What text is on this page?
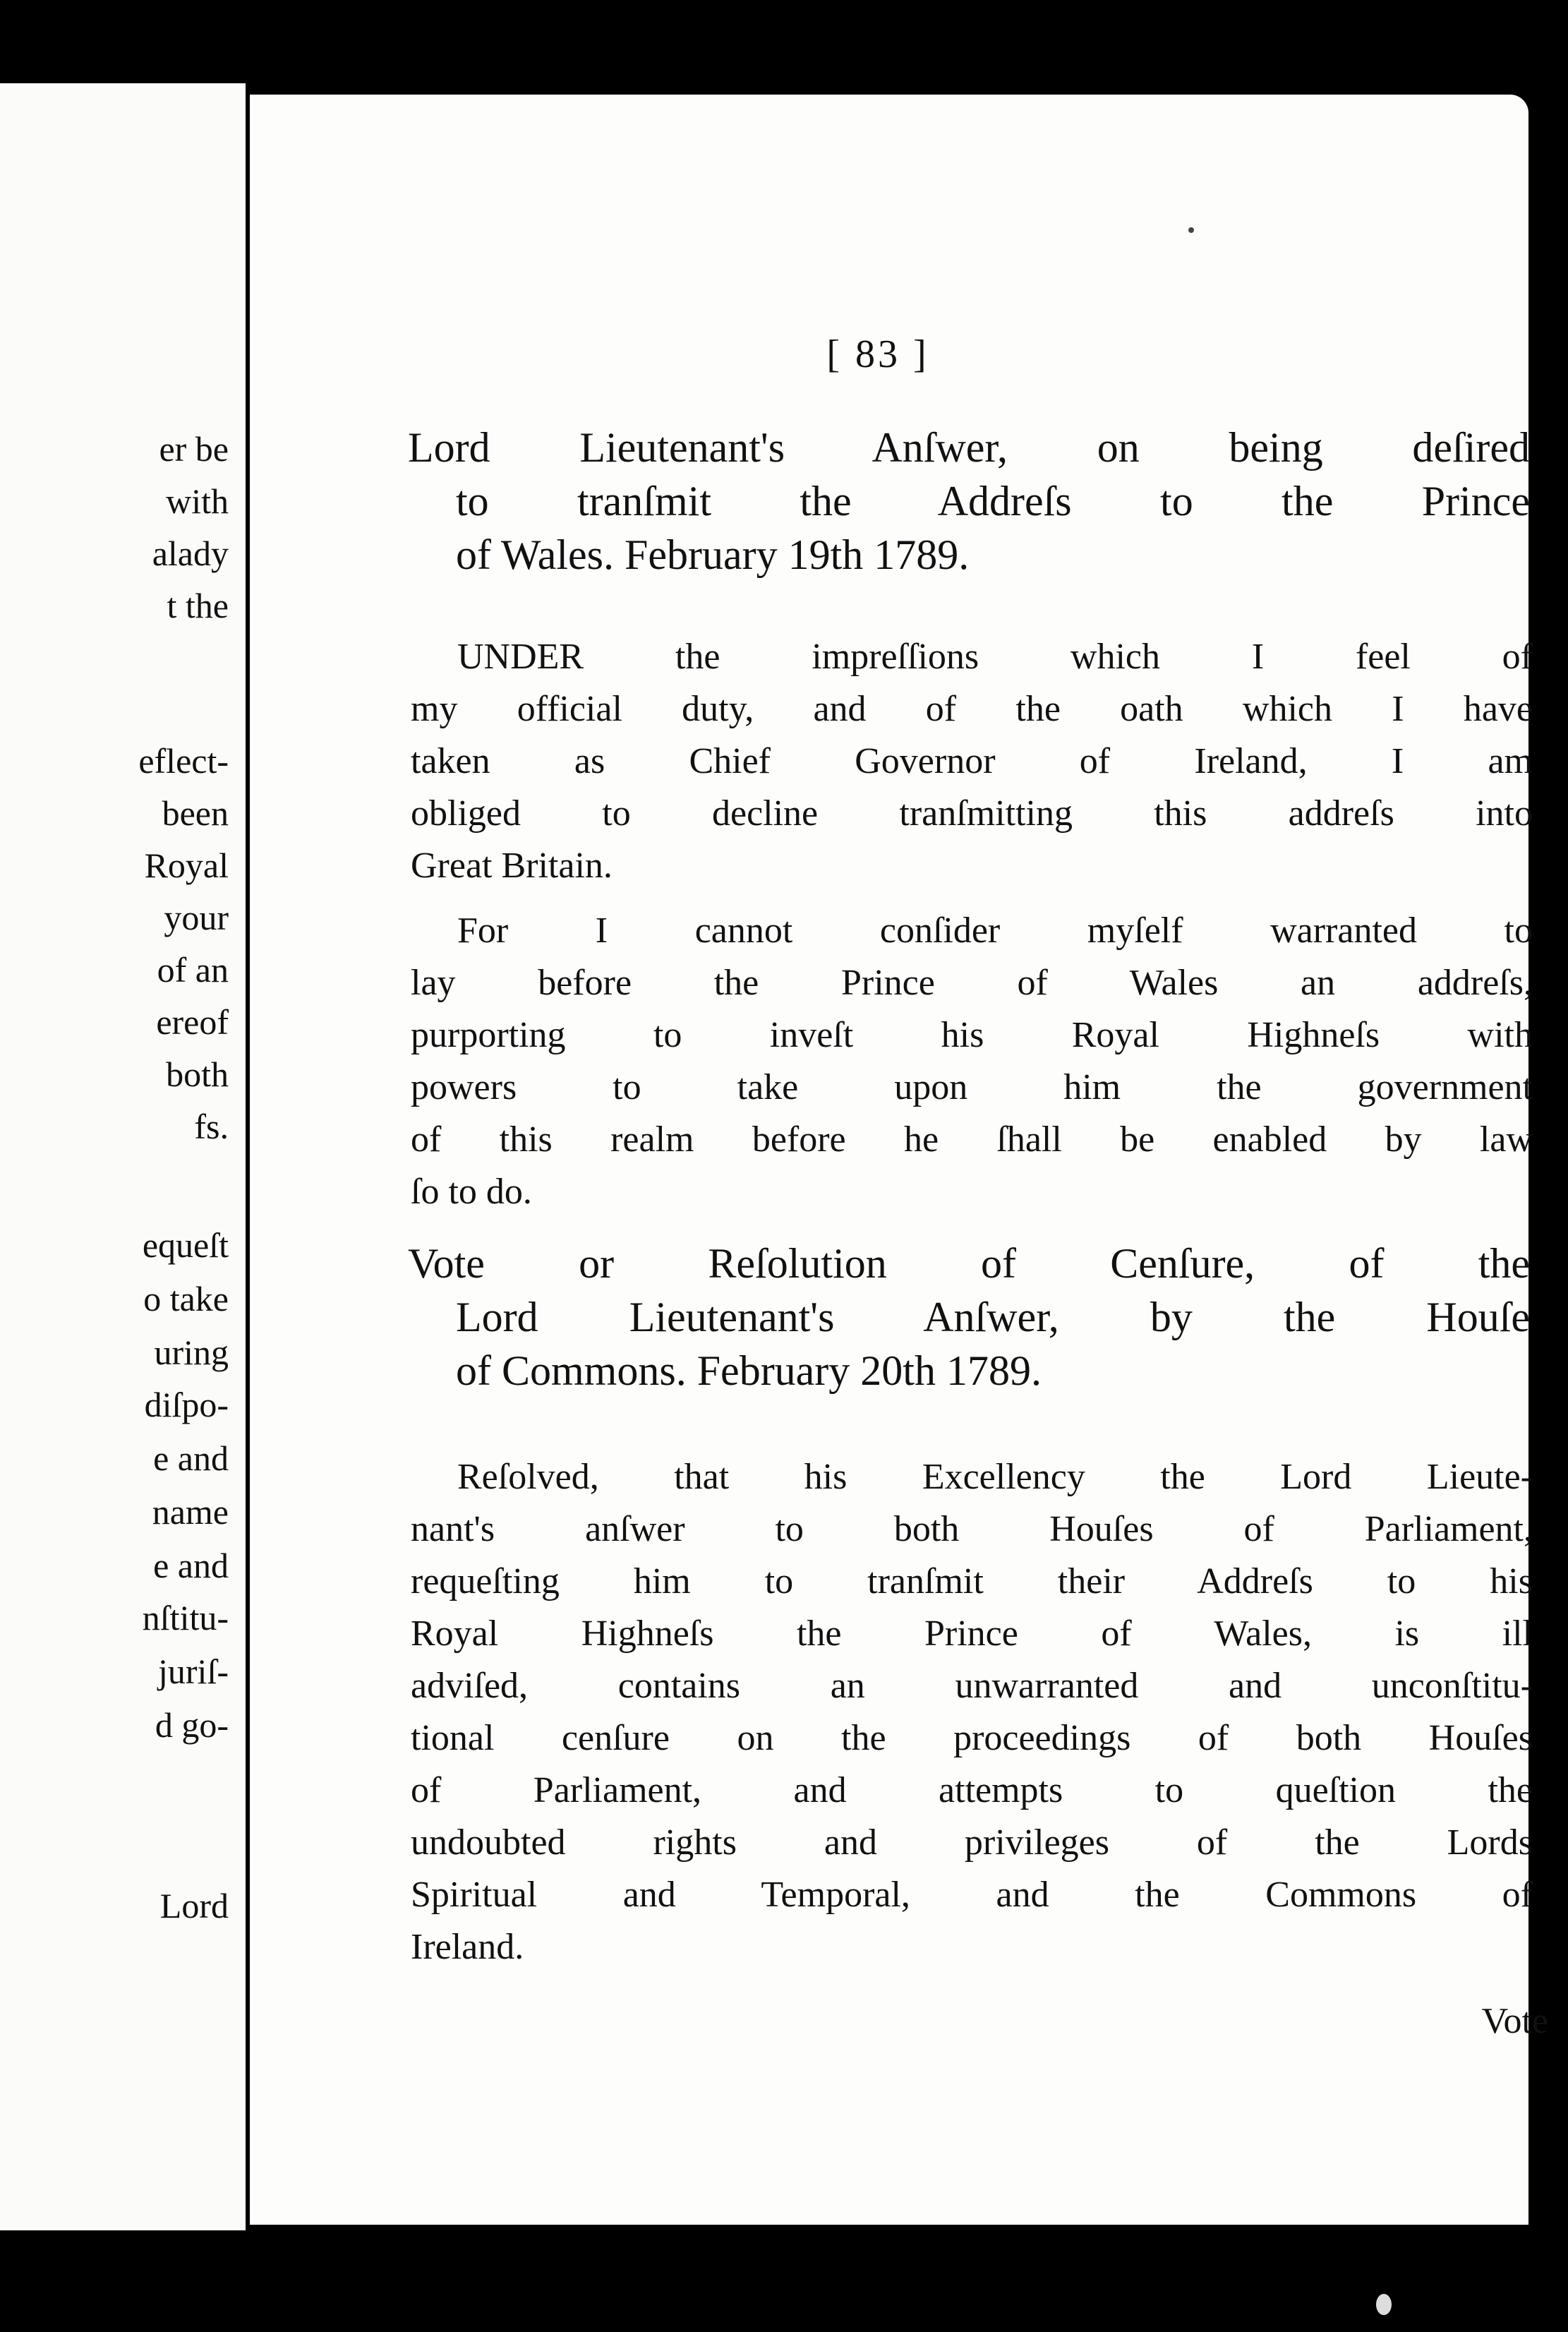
er be
with
alady
t the
eflect-
been
Royal
your
of an
ereof
both
fs.
equeſt
o take
uring
diſpo-
e and
name
e and
nſtitu-
juriſ-
d go-
Lord
[ 83 ]
Lord Lieutenant's Anſwer, on being deſired
to tranſmit the Addreſs to the Prince
of Wales. February 19th 1789.
UNDER the impreſſions which I feel of
my official duty, and of the oath which I have
taken as Chief Governor of Ireland, I am
obliged to decline tranſmitting this addreſs into
Great Britain.
For I cannot conſider myſelf warranted to
lay before the Prince of Wales an addreſs,
purporting to inveſt his Royal Highneſs with
powers to take upon him the government
of this realm before he ſhall be enabled by law
ſo to do.
Vote or Reſolution of Cenſure, of the
Lord Lieutenant's Anſwer, by the Houſe
of Commons. February 20th 1789.
Reſolved, that his Excellency the Lord Lieute-
nant's anſwer to both Houſes of Parliament,
requeſting him to tranſmit their Addreſs to his
Royal Highneſs the Prince of Wales, is ill
adviſed, contains an unwarranted and unconſtitu-
tional cenſure on the proceedings of both Houſes
of Parliament, and attempts to queſtion the
undoubted rights and privileges of the Lords
Spiritual and Temporal, and the Commons of
Ireland.
Vote
